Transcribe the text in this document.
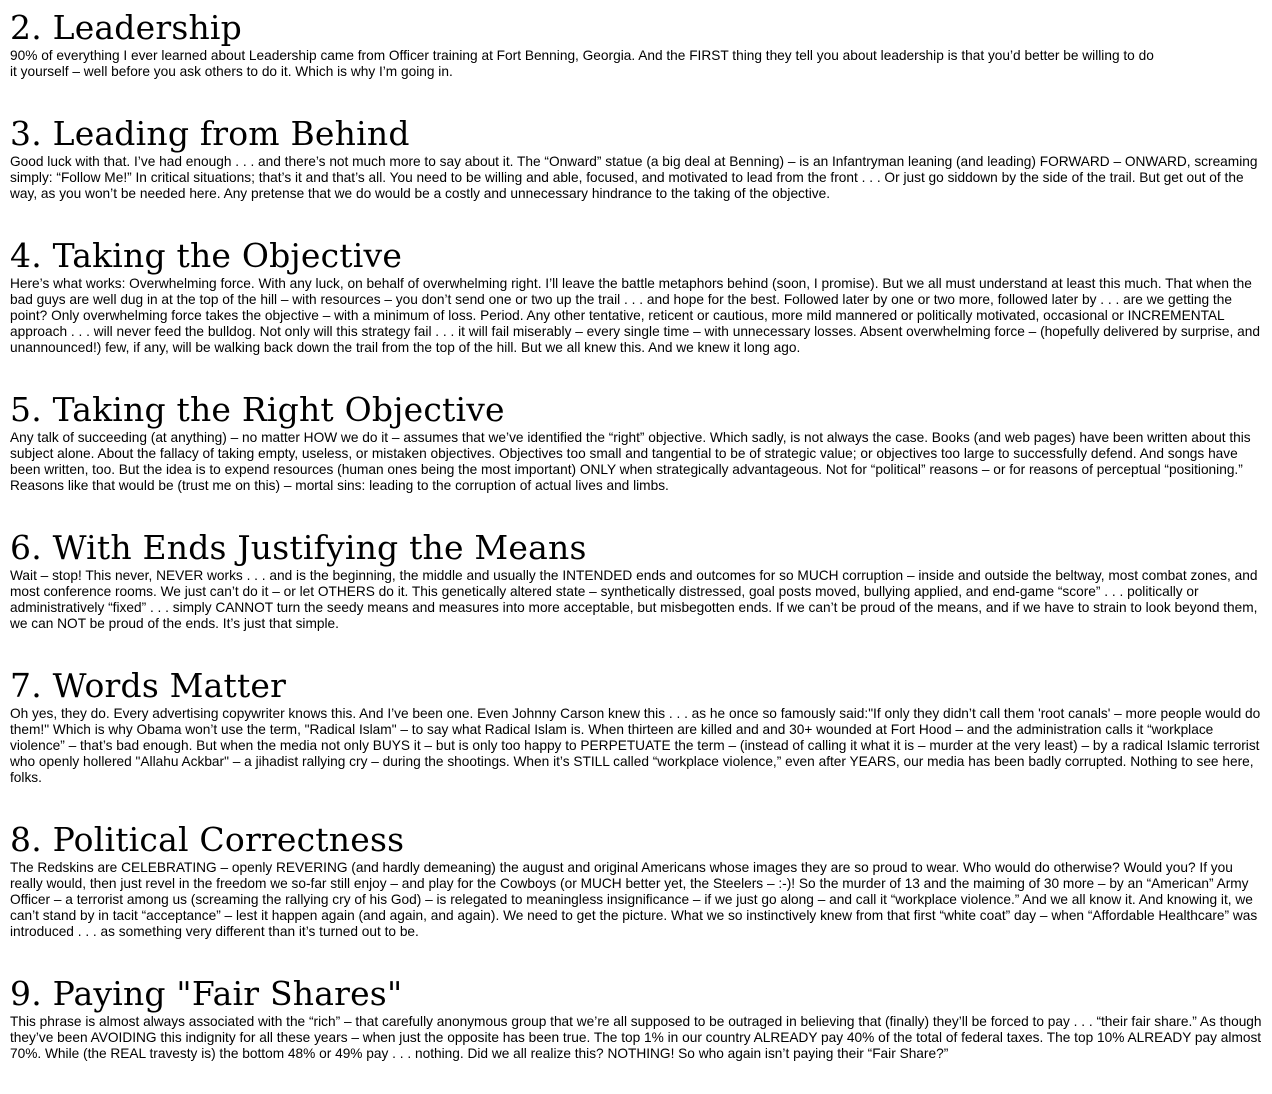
2. Leadership

90% of everything I ever learned about Leadership came from Officer training at Fort Benning, Georgia. And the FIRST thing they tell you about leadership is that you’d better be willing to do it yourself – well before you ask others to do it. Which is why I’m going in.

3. Leading from Behind

Good luck with that. I’ve had enough . . . and there’s not much more to say about it. The “Onward” statue (a big deal at Benning) – is an Infantryman leaning (and leading) FORWARD – ONWARD, screaming simply: “Follow Me!” In critical situations; that’s it and that’s all. You need to be willing and able, focused, and motivated to lead from the front . . . Or just go siddown by the side of the trail. But get out of the way, as you won’t be needed here. Any pretense that we do would be a costly and unnecessary hindrance to the taking of the objective.

4. Taking the Objective

Here’s what works: Overwhelming force. With any luck, on behalf of overwhelming right. I’ll leave the battle metaphors behind (soon, I promise). But we all must understand at least this much. That when the bad guys are well dug in at the top of the hill – with resources – you don’t send one or two up the trail . . . and hope for the best. Followed later by one or two more, followed later by . . . are we getting the point? Only overwhelming force takes the objective – with a minimum of loss. Period. Any other tentative, reticent or cautious, more mild mannered or politically motivated, occasional or INCREMENTAL approach . . . will never feed the bulldog. Not only will this strategy fail . . . it will fail miserably – every single time – with unnecessary losses. Absent overwhelming force – (hopefully delivered by surprise, and unannounced!) few, if any, will be walking back down the trail from the top of the hill. But we all knew this. And we knew it long ago.

5. Taking the Right Objective

Any talk of succeeding (at anything) – no matter HOW we do it – assumes that we’ve identified the “right” objective. Which sadly, is not always the case. Books (and web pages) have been written about this subject alone. About the fallacy of taking empty, useless, or mistaken objectives. Objectives too small and tangential to be of strategic value; or objectives too large to successfully defend. And songs have been written, too. But the idea is to expend resources (human ones being the most important) ONLY when strategically advantageous. Not for “political” reasons – or for reasons of perceptual “positioning.” Reasons like that would be (trust me on this) – mortal sins: leading to the corruption of actual lives and limbs.

6. With Ends Justifying the Means

Wait – stop! This never, NEVER works . . . and is the beginning, the middle and usually the INTENDED ends and outcomes for so MUCH corruption – inside and outside the beltway, most combat zones, and most conference rooms. We just can’t do it – or let OTHERS do it. This genetically altered state – synthetically distressed, goal posts moved, bullying applied, and end-game “score” . . . politically or administratively “fixed” . . . simply CANNOT turn the seedy means and measures into more acceptable, but misbegotten ends. If we can’t be proud of the means, and if we have to strain to look beyond them, we can NOT be proud of the ends. It’s just that simple.

7. Words Matter

Oh yes, they do. Every advertising copywriter knows this. And I’ve been one. Even Johnny Carson knew this . . . as he once so famously said:"If only they didn’t call them 'root canals' – more people would do them!" Which is why Obama won’t use the term, "Radical Islam" – to say what Radical Islam is. When thirteen are killed and and 30+ wounded at Fort Hood – and the administration calls it “workplace violence” – that’s bad enough. But when the media not only BUYS it – but is only too happy to PERPETUATE the term – (instead of calling it what it is – murder at the very least) – by a radical Islamic terrorist who openly hollered "Allahu Ackbar" – a jihadist rallying cry – during the shootings. When it’s STILL called “workplace violence,” even after YEARS, our media has been badly corrupted. Nothing to see here, folks.

8. Political Correctness

The Redskins are CELEBRATING – openly REVERING (and hardly demeaning) the august and original Americans whose images they are so proud to wear. Who would do otherwise? Would you? If you really would, then just revel in the freedom we so-far still enjoy – and play for the Cowboys (or MUCH better yet, the Steelers – :-)! So the murder of 13 and the maiming of 30 more – by an “American” Army Officer – a terrorist among us (screaming the rallying cry of his God) – is relegated to meaningless insignificance – if we just go along – and call it “workplace violence.” And we all know it. And knowing it, we can’t stand by in tacit “acceptance” – lest it happen again (and again, and again). We need to get the picture. What we so instinctively knew from that first “white coat” day – when “Affordable Healthcare” was introduced . . . as something very different than it’s turned out to be.

9. Paying "Fair Shares"

This phrase is almost always associated with the “rich” – that carefully anonymous group that we’re all supposed to be outraged in believing that (finally) they’ll be forced to pay . . . “their fair share.” As though they’ve been AVOIDING this indignity for all these years – when just the opposite has been true. The top 1% in our country ALREADY pay 40% of the total of federal taxes. The top 10% ALREADY pay almost 70%. While (the REAL travesty is) the bottom 48% or 49% pay . . . nothing. Did we all realize this? NOTHING! So who again isn’t paying their “Fair Share?”
